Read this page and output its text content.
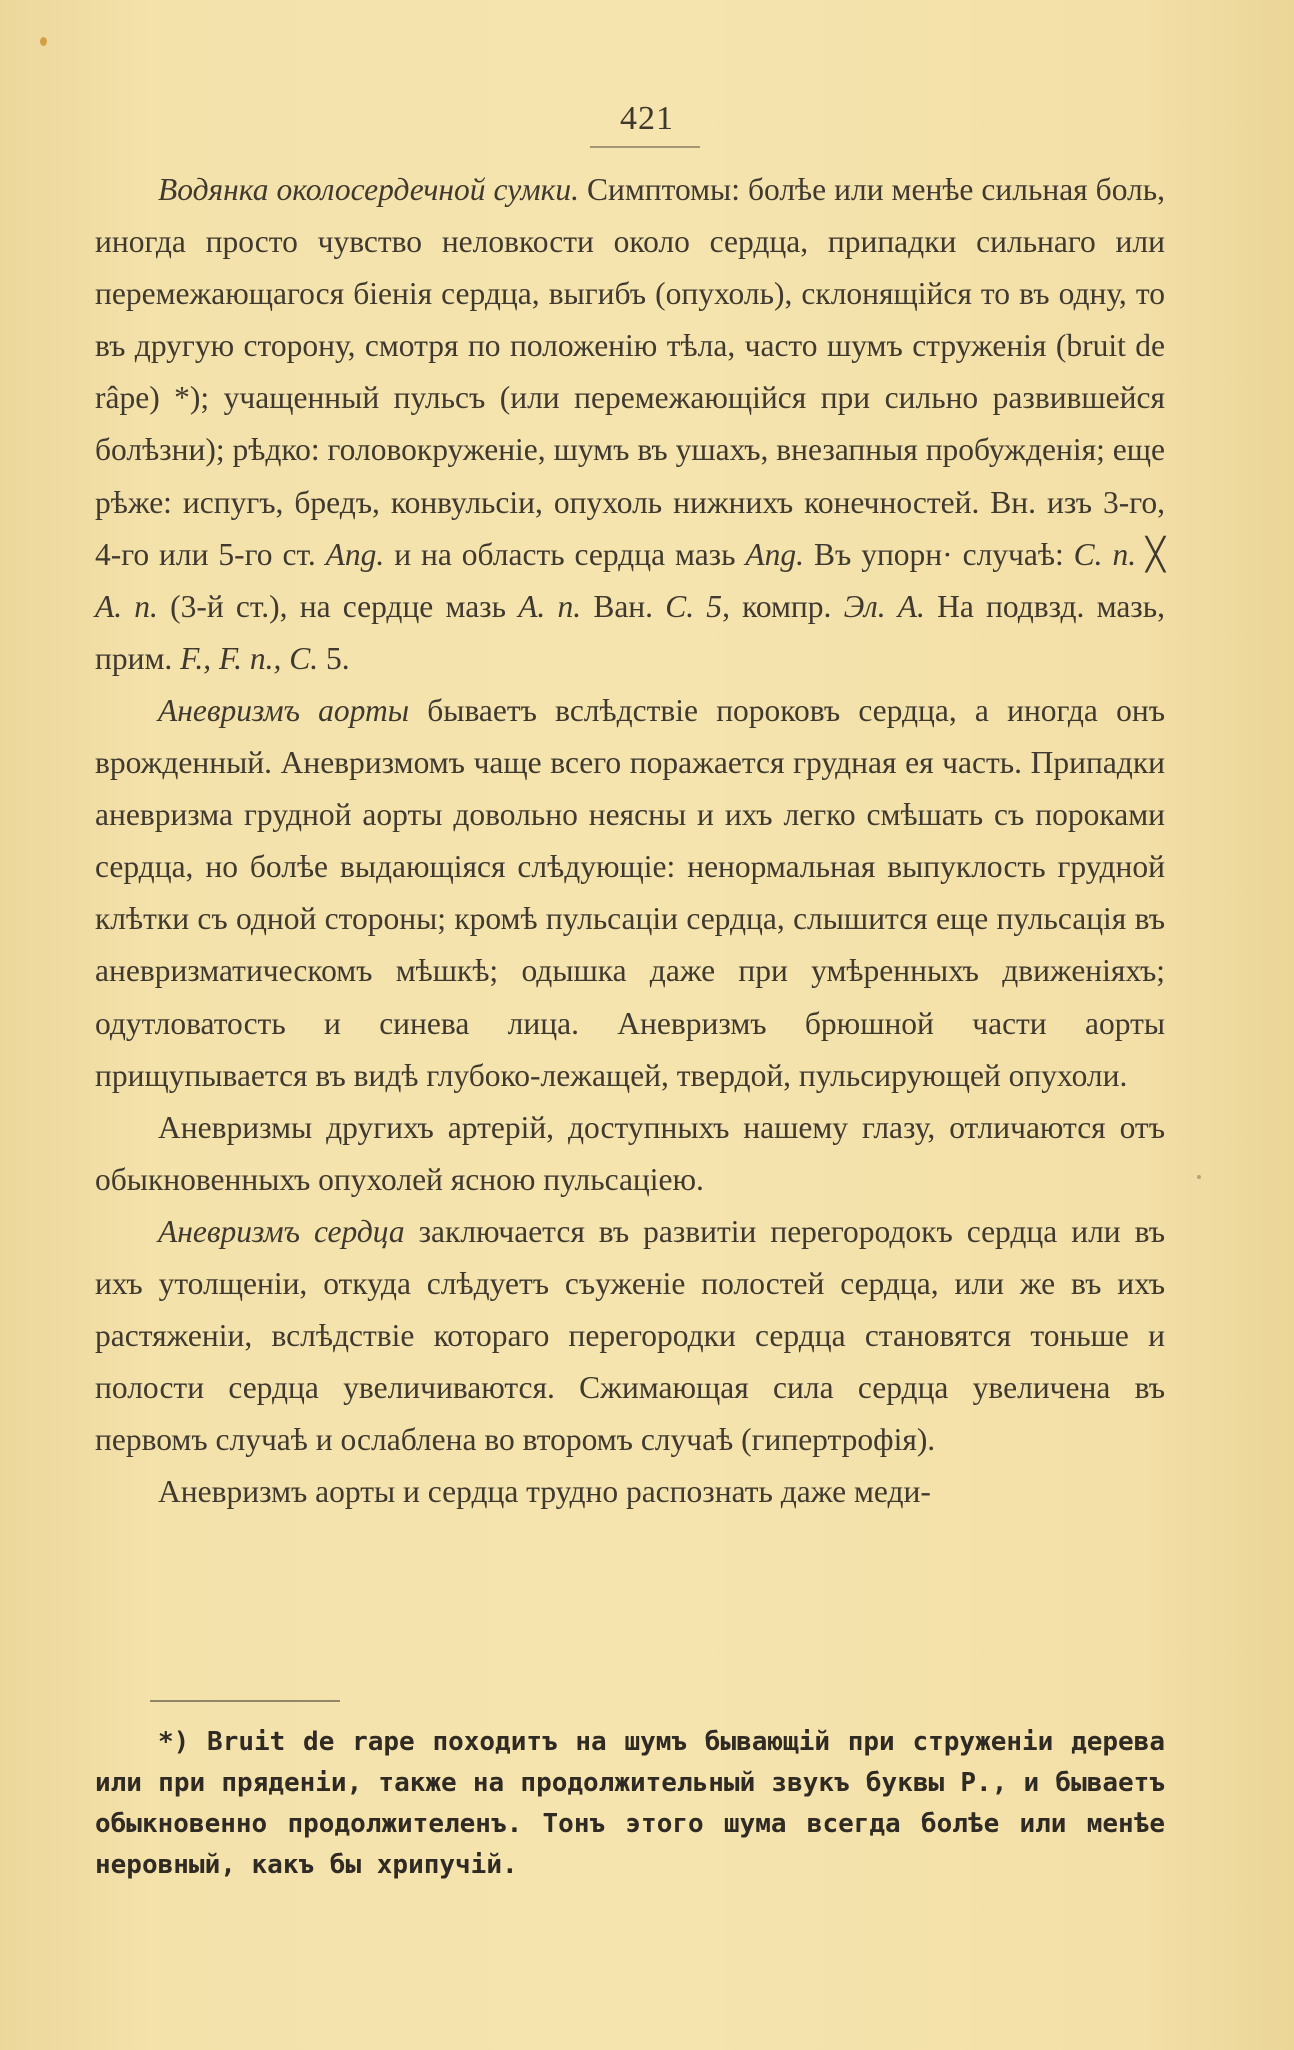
421

Водянка околосердечной сумки. Симптомы: болѣе или менѣе сильная боль, иногда просто чувство неловкости около сердца, припадки сильнаго или перемежающагося біенія сердца, выгибъ (опухоль), склонящійся то въ одну, то въ другую сторону, смотря по положенію тѣла, часто шумъ струженія (bruit de râpe) *); учащенный пульсъ (или перемежающійся при сильно развившейся болѣзни); рѣдко: головокруженіе, шумъ въ ушахъ, внезапныя пробужденія; еще рѣже: испугъ, бредъ, конвульсіи, опухоль нижнихъ конечностей. Вн. изъ 3-го, 4-го или 5-го ст. Ang. и на область сердца мазь Ang. Въ упорн· случаѣ: C. n. ╳ A. n. (3-й ст.), на сердце мазь A. n. Ван. C. 5, компр. Эл. A. На подвзд. мазь, прим. F., F. n., C. 5.

Аневризмъ аорты бываетъ вслѣдствіе пороковъ сердца, а иногда онъ врожденный. Аневризмомъ чаще всего поражается грудная ея часть. Припадки аневризма грудной аорты довольно неясны и ихъ легко смѣшать съ пороками сердца, но болѣе выдающіяся слѣдующіе: ненормальная выпуклость грудной клѣтки съ одной стороны; кромѣ пульсаціи сердца, слышится еще пульсація въ аневризматическомъ мѣшкѣ; одышка даже при умѣренныхъ движеніяхъ; одутловатость и синева лица. Аневризмъ брюшной части аорты прищупывается въ видѣ глубоко-лежащей, твердой, пульсирующей опухоли.

Аневризмы другихъ артерій, доступныхъ нашему глазу, отличаются отъ обыкновенныхъ опухолей ясною пульсаціею.

Аневризмъ сердца заключается въ развитіи перегородокъ сердца или въ ихъ утолщеніи, откуда слѣдуетъ съуженіе полостей сердца, или же въ ихъ растяженіи, вслѣдствіе котораго перегородки сердца становятся тоньше и полости сердца увеличиваются. Сжимающая сила сердца увеличена въ первомъ случаѣ и ослаблена во второмъ случаѣ (гипертрофія).

Аневризмъ аорты и сердца трудно распознать даже меди-

*) Bruit de rape походитъ на шумъ бывающій при струженіи дерева или при пряденіи, также на продолжительный звукъ буквы Р., и бываетъ обыкновенно продолжителенъ. Тонъ этого шума всегда болѣе или менѣе неровный, какъ бы хрипучій.
